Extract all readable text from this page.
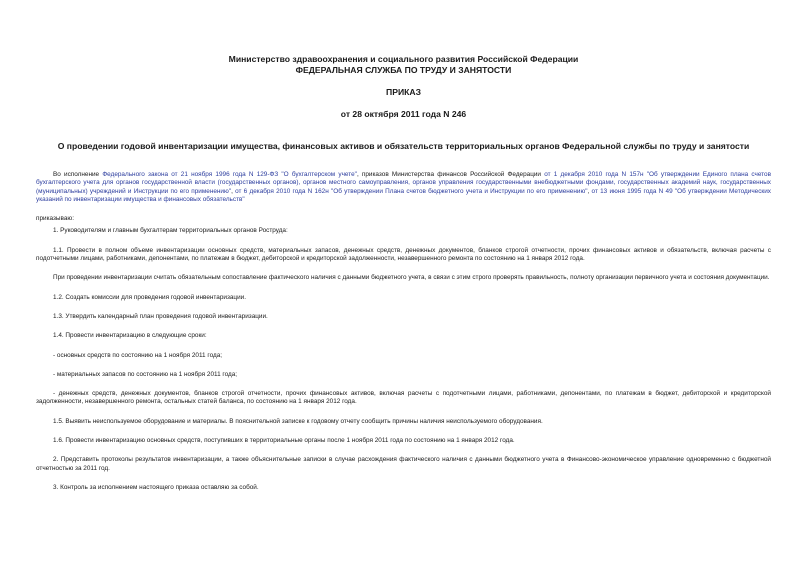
Министерство здравоохранения и социального развития Российской Федерации
ФЕДЕРАЛЬНАЯ СЛУЖБА ПО ТРУДУ И ЗАНЯТОСТИ
ПРИКАЗ
от 28 октября 2011 года N 246
О проведении годовой инвентаризации имущества, финансовых активов и обязательств территориальных органов Федеральной службы по труду и занятости

Во исполнение Федерального закона от 21 ноября 1996 года N 129-ФЗ "О бухгалтерском учете", приказов Министерства финансов Российской Федерации от 1 декабря 2010 года N 157н "Об утверждении Единого плана счетов бухгалтерского учета для органов государственной власти (государственных органов), органов местного самоуправления, органов управления государственными внебюджетными фондами, государственных академий наук, государственных (муниципальных) учреждений и Инструкции по его применению", от 6 декабря 2010 года N 162н "Об утверждении Плана счетов бюджетного учета и Инструкции по его применению", от 13 июня 1995 года N 49 "Об утверждении Методических указаний по инвентаризации имущества и финансовых обязательств"

приказываю:

1. Руководителям и главным бухгалтерам территориальных органов Роструда:

1.1. Провести в полном объеме инвентаризации основных средств, материальных запасов, денежных средств, денежных документов, бланков строгой отчетности, прочих финансовых активов и обязательств, включая расчеты с подотчетными лицами, работниками, депонентами, по платежам в бюджет, дебиторской и кредиторской задолженности, незавершенного ремонта по состоянию на 1 января 2012 года.

При проведении инвентаризации считать обязательным сопоставление фактического наличия с данными бюджетного учета, в связи с этим строго проверять правильность, полноту организации первичного учета и состояния документации.

1.2. Создать комиссии для проведения годовой инвентаризации.

1.3. Утвердить календарный план проведения годовой инвентаризации.

1.4. Провести инвентаризацию в следующие сроки:

- основных средств по состоянию на 1 ноября 2011 года;

- материальных запасов по состоянию на 1 ноября 2011 года;

- денежных средств, денежных документов, бланков строгой отчетности, прочих финансовых активов, включая расчеты с подотчетными лицами, работниками, депонентами, по платежам в бюджет, дебиторской и кредиторской задолженности, незавершенного ремонта, остальных статей баланса, по состоянию на 1 января 2012 года.

1.5. Выявить неиспользуемое оборудование и материалы. В пояснительной записке к годовому отчету сообщить причины наличия неиспользуемого оборудования.

1.6. Провести инвентаризацию основных средств, поступивших в территориальные органы после 1 ноября 2011 года по состоянию на 1 января 2012 года.

2. Представить протоколы результатов инвентаризации, а также объяснительные записки в случае расхождения фактического наличия с данными бюджетного учета в Финансово-экономическое управление одновременно с бюджетной отчетностью за 2011 год.

3. Контроль за исполнением настоящего приказа оставляю за собой.
